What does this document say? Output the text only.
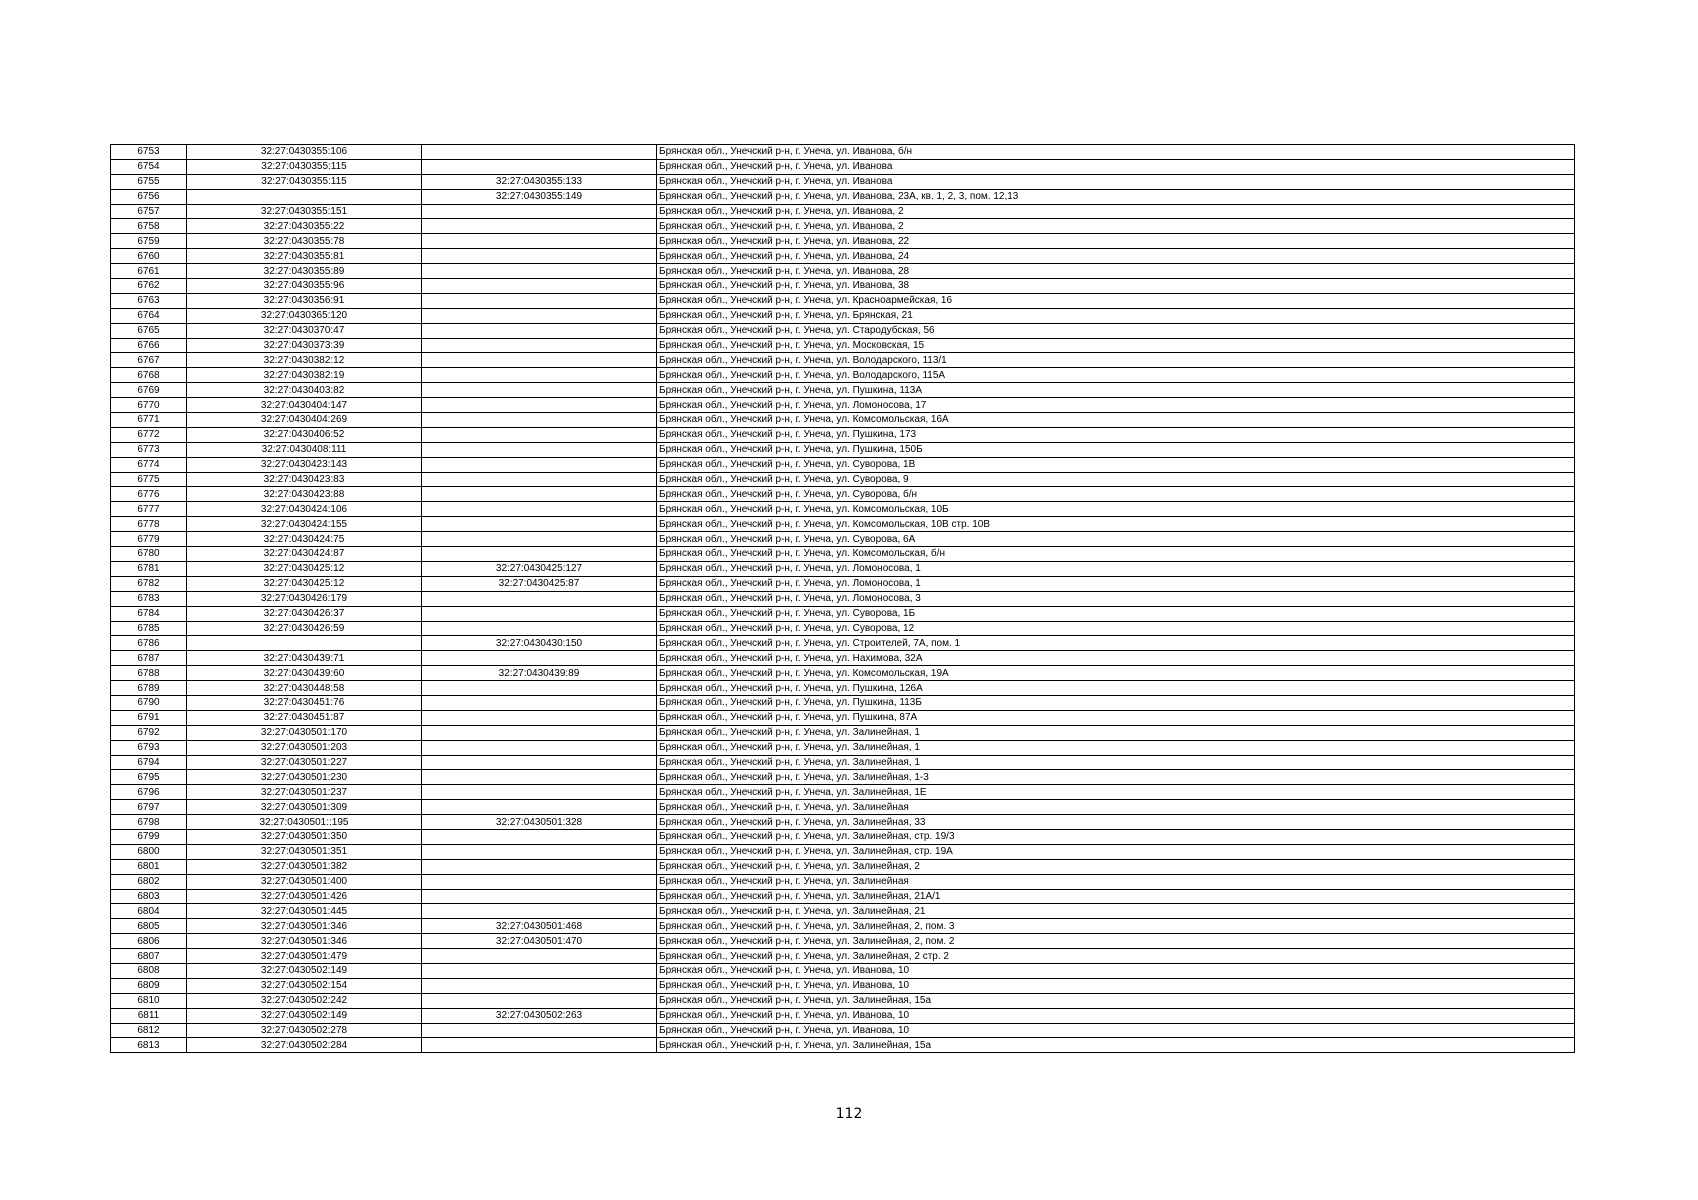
6753	32:27:0430355:106		Брянская обл., Унечский р-н, г. Унеча, ул. Иванова, б/н
6754	32:27:0430355:115		Брянская обл., Унечский р-н, г. Унеча, ул. Иванова
6755	32:27:0430355:115	32:27:0430355:133	Брянская обл., Унечский р-н, г. Унеча, ул. Иванова
6756		32:27:0430355:149	Брянская обл., Унечский р-н, г. Унеча, ул. Иванова, 23А, кв. 1, 2, 3, пом. 12,13
6757	32:27:0430355:151		Брянская обл., Унечский р-н, г. Унеча, ул. Иванова, 2
6758	32:27:0430355:22		Брянская обл., Унечский р-н, г. Унеча, ул. Иванова, 2
6759	32:27:0430355:78		Брянская обл., Унечский р-н, г. Унеча, ул. Иванова, 22
6760	32:27:0430355:81		Брянская обл., Унечский р-н, г. Унеча, ул. Иванова, 24
6761	32:27:0430355:89		Брянская обл., Унечский р-н, г. Унеча, ул. Иванова, 28
6762	32:27:0430355:96		Брянская обл., Унечский р-н, г. Унеча, ул. Иванова, 38
6763	32:27:0430356:91		Брянская обл., Унечский р-н, г. Унеча, ул. Красноармейская, 16
6764	32:27:0430365:120		Брянская обл., Унечский р-н, г. Унеча, ул. Брянская, 21
6765	32:27:0430370:47		Брянская обл., Унечский р-н, г. Унеча, ул. Стародубская, 56
6766	32:27:0430373:39		Брянская обл., Унечский р-н, г. Унеча, ул. Московская, 15
6767	32:27:0430382:12		Брянская обл., Унечский р-н, г. Унеча, ул. Володарского, 113/1
6768	32:27:0430382:19		Брянская обл., Унечский р-н, г. Унеча, ул. Володарского, 115А
6769	32:27:0430403:82		Брянская обл., Унечский р-н, г. Унеча, ул. Пушкина, 113А
6770	32:27:0430404:147		Брянская обл., Унечский р-н, г. Унеча, ул. Ломоносова, 17
6771	32:27:0430404:269		Брянская обл., Унечский р-н, г. Унеча, ул. Комсомольская, 16А
6772	32:27:0430406:52		Брянская обл., Унечский р-н, г. Унеча, ул. Пушкина, 173
6773	32:27:0430408:111		Брянская обл., Унечский р-н, г. Унеча, ул. Пушкина, 150Б
6774	32:27:0430423:143		Брянская обл., Унечский р-н, г. Унеча, ул. Суворова, 1В
6775	32:27:0430423:83		Брянская обл., Унечский р-н, г. Унеча, ул. Суворова, 9
6776	32:27:0430423:88		Брянская обл., Унечский р-н, г. Унеча, ул. Суворова, б/н
6777	32:27:0430424:106		Брянская обл., Унечский р-н, г. Унеча, ул. Комсомольская, 10Б
6778	32:27:0430424:155		Брянская обл., Унечский р-н, г. Унеча, ул. Комсомольская, 10В стр. 10В
6779	32:27:0430424:75		Брянская обл., Унечский р-н, г. Унеча, ул. Суворова, 6А
6780	32:27:0430424:87		Брянская обл., Унечский р-н, г. Унеча, ул. Комсомольская, б/н
6781	32:27:0430425:12	32:27:0430425:127	Брянская обл., Унечский р-н, г. Унеча, ул. Ломоносова, 1
6782	32:27:0430425:12	32:27:0430425:87	Брянская обл., Унечский р-н, г. Унеча, ул. Ломоносова, 1
6783	32:27:0430426:179		Брянская обл., Унечский р-н, г. Унеча, ул. Ломоносова, 3
6784	32:27:0430426:37		Брянская обл., Унечский р-н, г. Унеча, ул. Суворова, 1Б
6785	32:27:0430426:59		Брянская обл., Унечский р-н, г. Унеча, ул. Суворова, 12
6786		32:27:0430430:150	Брянская обл., Унечский р-н, г. Унеча, ул. Строителей, 7А, пом. 1
6787	32:27:0430439:71		Брянская обл., Унечский р-н, г. Унеча, ул. Нахимова, 32А
6788	32:27:0430439:60	32:27:0430439:89	Брянская обл., Унечский р-н, г. Унеча, ул. Комсомольская, 19А
6789	32:27:0430448:58		Брянская обл., Унечский р-н, г. Унеча, ул. Пушкина, 126А
6790	32:27:0430451:76		Брянская обл., Унечский р-н, г. Унеча, ул. Пушкина, 113Б
6791	32:27:0430451:87		Брянская обл., Унечский р-н, г. Унеча, ул. Пушкина, 87А
6792	32:27:0430501:170		Брянская обл., Унечский р-н, г. Унеча, ул. Залинейная, 1
6793	32:27:0430501:203		Брянская обл., Унечский р-н, г. Унеча, ул. Залинейная, 1
6794	32:27:0430501:227		Брянская обл., Унечский р-н, г. Унеча, ул. Залинейная, 1
6795	32:27:0430501:230		Брянская обл., Унечский р-н, г. Унеча, ул. Залинейная, 1-3
6796	32:27:0430501:237		Брянская обл., Унечский р-н, г. Унеча, ул. Залинейная, 1Е
6797	32:27:0430501:309		Брянская обл., Унечский р-н, г. Унеча, ул. Залинейная
6798	32:27:0430501::195	32:27:0430501:328	Брянская обл., Унечский р-н, г. Унеча, ул. Залинейная, 33
6799	32:27:0430501:350		Брянская обл., Унечский р-н, г. Унеча, ул. Залинейная, стр. 19/3
6800	32:27:0430501:351		Брянская обл., Унечский р-н, г. Унеча, ул. Залинейная, стр. 19А
6801	32:27:0430501:382		Брянская обл., Унечский р-н, г. Унеча, ул. Залинейная, 2
6802	32:27:0430501:400		Брянская обл., Унечский р-н, г. Унеча, ул. Залинейная
6803	32:27:0430501:426		Брянская обл., Унечский р-н, г. Унеча, ул. Залинейная, 21А/1
6804	32:27:0430501:445		Брянская обл., Унечский р-н, г. Унеча, ул. Залинейная, 21
6805	32:27:0430501:346	32:27:0430501:468	Брянская обл., Унечский р-н, г. Унеча, ул. Залинейная, 2, пом. 3
6806	32:27:0430501:346	32:27:0430501:470	Брянская обл., Унечский р-н, г. Унеча, ул. Залинейная, 2, пом. 2
6807	32:27:0430501:479		Брянская обл., Унечский р-н, г. Унеча, ул. Залинейная, 2 стр. 2
6808	32:27:0430502:149		Брянская обл., Унечский р-н, г. Унеча, ул. Иванова, 10
6809	32:27:0430502:154		Брянская обл., Унечский р-н, г. Унеча, ул. Иванова, 10
6810	32:27:0430502:242		Брянская обл., Унечский р-н, г. Унеча, ул. Залинейная, 15а
6811	32:27:0430502:149	32:27:0430502:263	Брянская обл., Унечский р-н, г. Унеча, ул. Иванова, 10
6812	32:27:0430502:278		Брянская обл., Унечский р-н, г. Унеча, ул. Иванова, 10
6813	32:27:0430502:284		Брянская обл., Унечский р-н, г. Унеча, ул. Залинейная, 15а
112
